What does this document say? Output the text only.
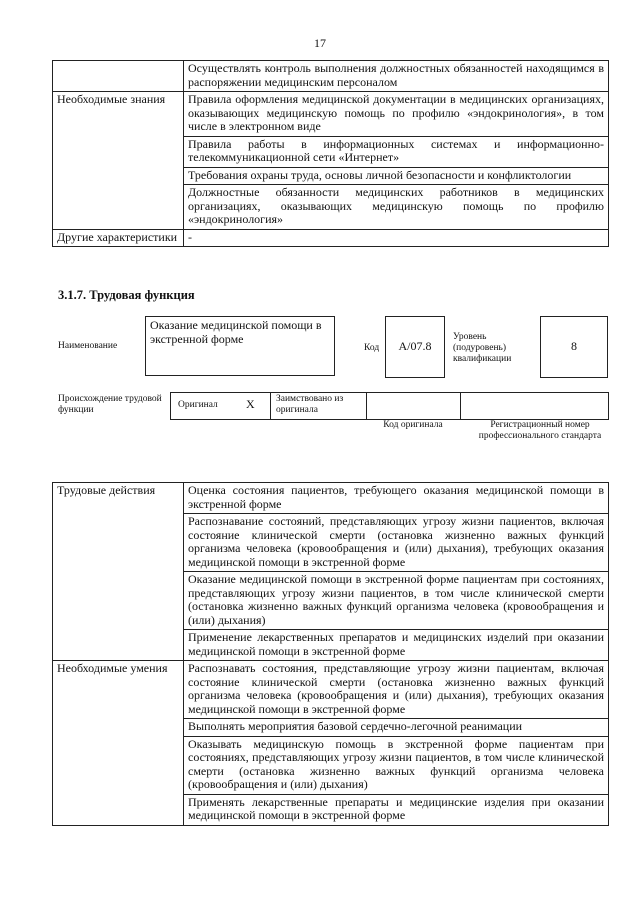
17
	Осуществлять контроль выполнения должностных обязанностей находящимся в распоряжении медицинским персоналом
Необходимые знания	Правила оформления медицинской документации в медицинских организациях, оказывающих медицинскую помощь по профилю «эндокринология», в том числе в электронном виде
	Правила работы в информационных системах и информационно-телекоммуникационной сети «Интернет»
	Требования охраны труда, основы личной безопасности и конфликтологии
	Должностные обязанности медицинских работников в медицинских организациях, оказывающих медицинскую помощь по профилю «эндокринология»
Другие характеристики	-
3.1.7. Трудовая функция
Наименование
Оказание медицинской помощи в экстренной форме
Код А/07.8
Уровень (подуровень) квалификации
8
Происхождение трудовой функции	Оригинал X Заимствовано из оригинала
Код оригинала	Регистрационный номер профессионального стандарта
Трудовые действия	Оценка состояния пациентов, требующего оказания медицинской помощи в экстренной форме
	Распознавание состояний, представляющих угрозу жизни пациентов, включая состояние клинической смерти (остановка жизненно важных функций организма человека (кровообращения и (или) дыхания), требующих оказания медицинской помощи в экстренной форме
	Оказание медицинской помощи в экстренной форме пациентам при состояниях, представляющих угрозу жизни пациентов, в том числе клинической смерти (остановка жизненно важных функций организма человека (кровообращения и (или) дыхания)
	Применение лекарственных препаратов и медицинских изделий при оказании медицинской помощи в экстренной форме
Необходимые умения	Распознавать состояния, представляющие угрозу жизни пациентам, включая состояние клинической смерти (остановка жизненно важных функций организма человека (кровообращения и (или) дыхания), требующих оказания медицинской помощи в экстренной форме
	Выполнять мероприятия базовой сердечно-легочной реанимации
	Оказывать медицинскую помощь в экстренной форме пациентам при состояниях, представляющих угрозу жизни пациентов, в том числе клинической смерти (остановка жизненно важных функций организма человека (кровообращения и (или) дыхания)
	Применять лекарственные препараты и медицинские изделия при оказании медицинской помощи в экстренной форме
